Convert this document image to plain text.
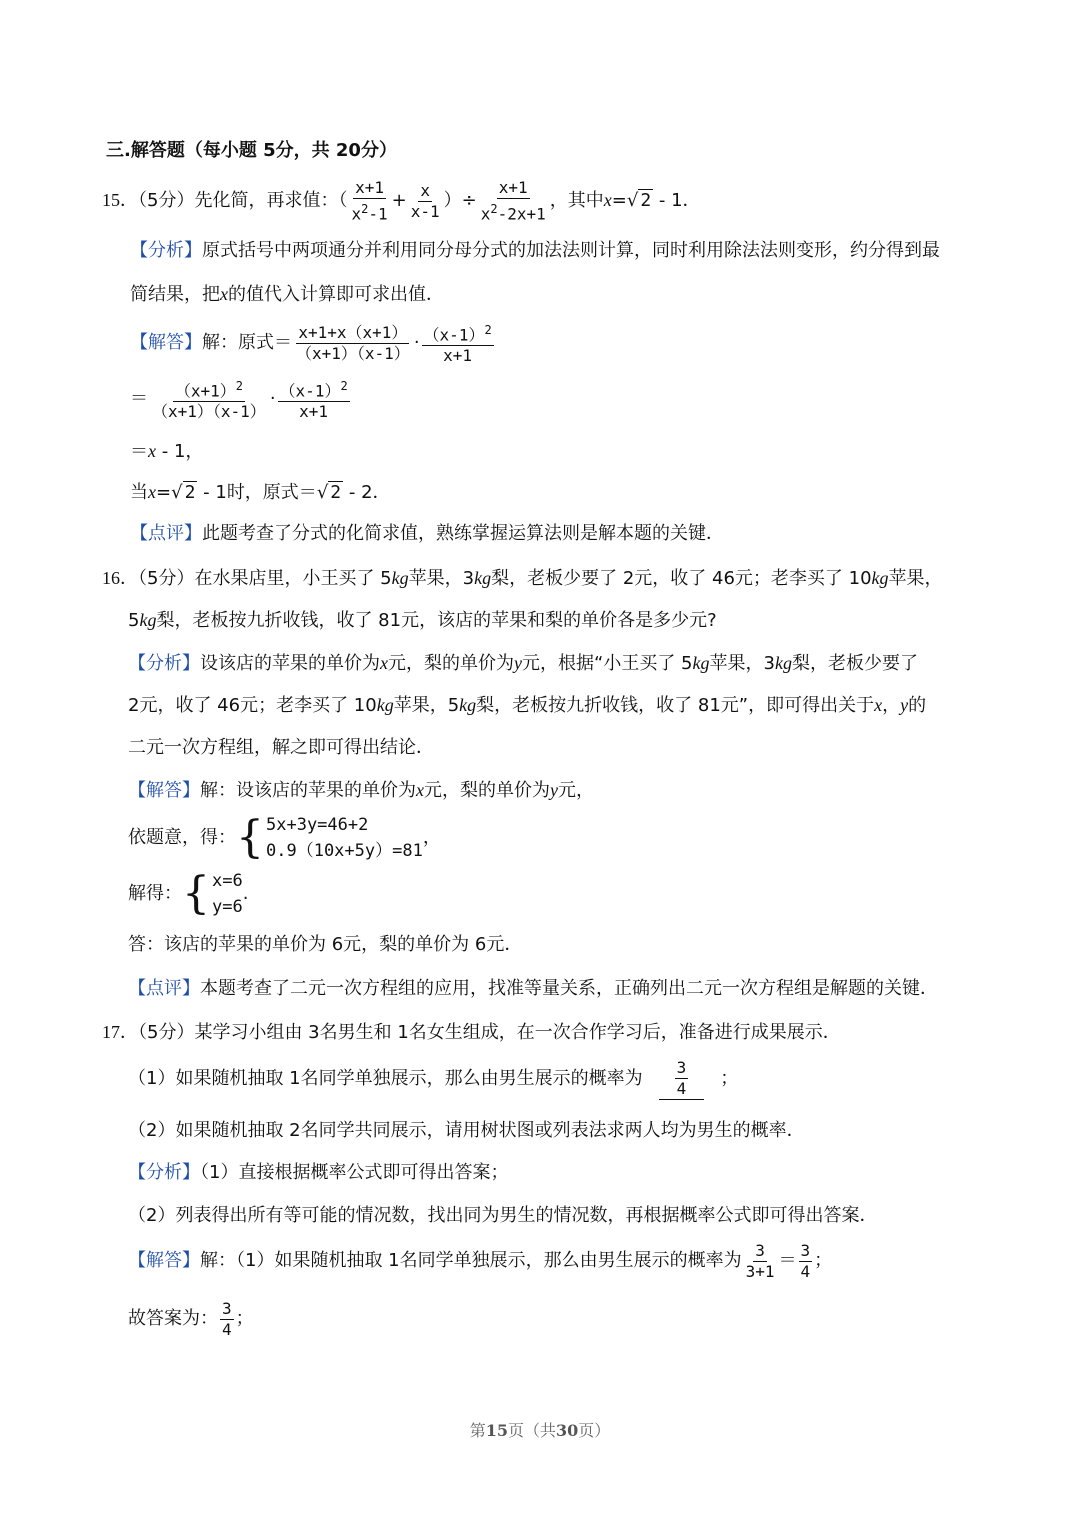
三.解答题（每小题 5分，共 20分）
15．（5分）先化简，再求值：（ $\frac{x+1}{x^2-1} + \frac{x}{x-1}$ ）÷ $\frac{x+1}{x^2-2x+1}$ ，其中x=√ 2 - 1．
【分析】原式括号中两项通分并利用同分母分式的加法法则计算，同时利用除法法则变形，约分得到最
简结果，把x的值代入计算即可求出值．
【解答】解：原式＝ $\frac{x+1+x(x+1)}{(x+1)(x-1)} \cdot \frac{(x-1)^2}{x+1}$
＝ $\frac{(x+1)^2}{(x+1)(x-1)} \cdot \frac{(x-1)^2}{x+1}$
＝x - 1，
当x=√ 2 - 1时，原式＝√ 2 - 2．
【点评】此题考查了分式的化简求值，熟练掌握运算法则是解本题的关键．
16．（5分）在水果店里，小王买了 5kg苹果，3kg梨，老板少要了 2元，收了 46元；老李买了 10kg苹果，
5kg梨，老板按九折收钱，收了 81元，该店的苹果和梨的单价各是多少元?
【分析】设该店的苹果的单价为x元，梨的单价为y元，根据“小王买了 5kg苹果，3kg梨，老板少要了
2元，收了 46元；老李买了 10kg苹果，5kg梨，老板按九折收钱，收了 81元”，即可得出关于x，y的
二元一次方程组，解之即可得出结论．
【解答】解：设该店的苹果的单价为x元，梨的单价为y元，
依题意，得： { 5x+3y=46+2
0.9（10x+5y）=81
，
解得： { x=6
y=6
.
答：该店的苹果的单价为 6元，梨的单价为 6元．
【点评】本题考查了二元一次方程组的应用，找准等量关系，正确列出二元一次方程组是解题的关键．
17．（5分）某学习小组由 3名男生和 1名女生组成，在一次合作学习后，准备进行成果展示．
（1）如果随机抽取 1名同学单独展示，那么由男生展示的概率为 $\frac{3}{4}$ ；
（2）如果随机抽取 2名同学共同展示，请用树状图或列表法求两人均为男生的概率．
【分析】（1）直接根据概率公式即可得出答案；
（2）列表得出所有等可能的情况数，找出同为男生的情况数，再根据概率公式即可得出答案．
【解答】解：（1）如果随机抽取 1名同学单独展示，那么由男生展示的概率为 $\frac{3}{3+1} = \frac{3}{4}$ ；
故答案为： $\frac{3}{4}$ ；
第15页（共30页）
